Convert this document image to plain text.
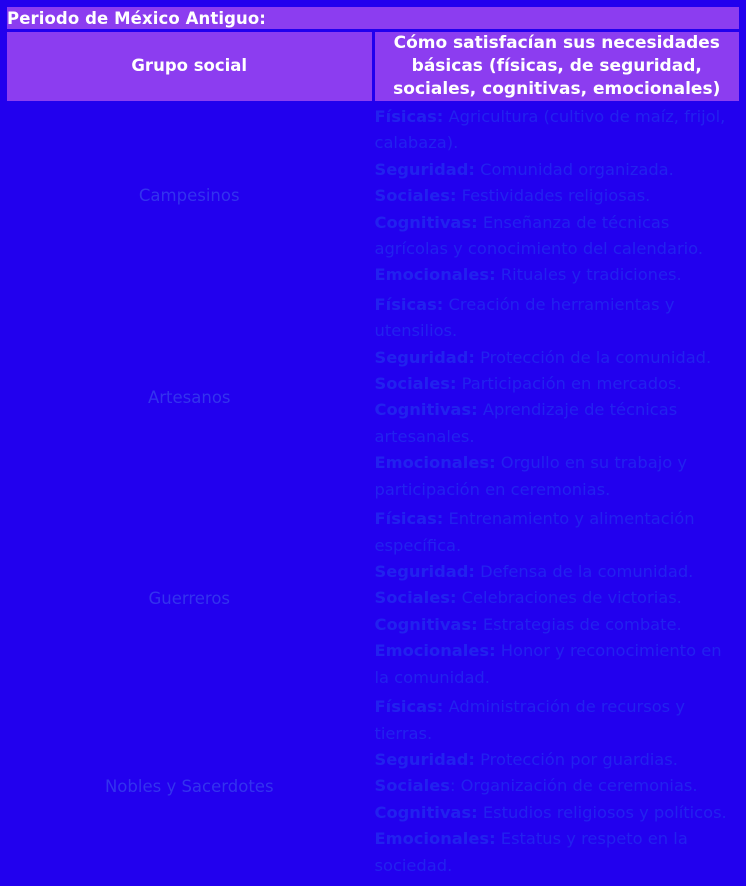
Periodo de México Antiguo:	
Grupo social	Cómo satisfacían sus necesidades básicas (físicas, de seguridad, sociales, cognitivas, emocionales)
Campesinos	Físicas: Agricultura (cultivo de maíz, frijol, calabaza).
Seguridad: Comunidad organizada.
Sociales: Festividades religiosas.
Cognitivas: Enseñanza de técnicas agrícolas y conocimiento del calendario.
Emocionales: Rituales y tradiciones.

Artesanos	Físicas: Creación de herramientas y utensilios.
Seguridad: Protección de la comunidad.
Sociales: Participación en mercados.
Cognitivas: Aprendizaje de técnicas artesanales.
Emocionales: Orgullo en su trabajo y participación en ceremonias.

Guerreros	Físicas: Entrenamiento y alimentación específica.
Seguridad: Defensa de la comunidad.
Sociales: Celebraciones de victorias.
Cognitivas: Estrategias de combate.
Emocionales: Honor y reconocimiento en la comunidad.

Nobles y Sacerdotes	Físicas: Administración de recursos y tierras.
Seguridad: Protección por guardias.
Sociales: Organización de ceremonias.
Cognitivas: Estudios religiosos y políticos.
Emocionales: Estatus y respeto en la sociedad.
